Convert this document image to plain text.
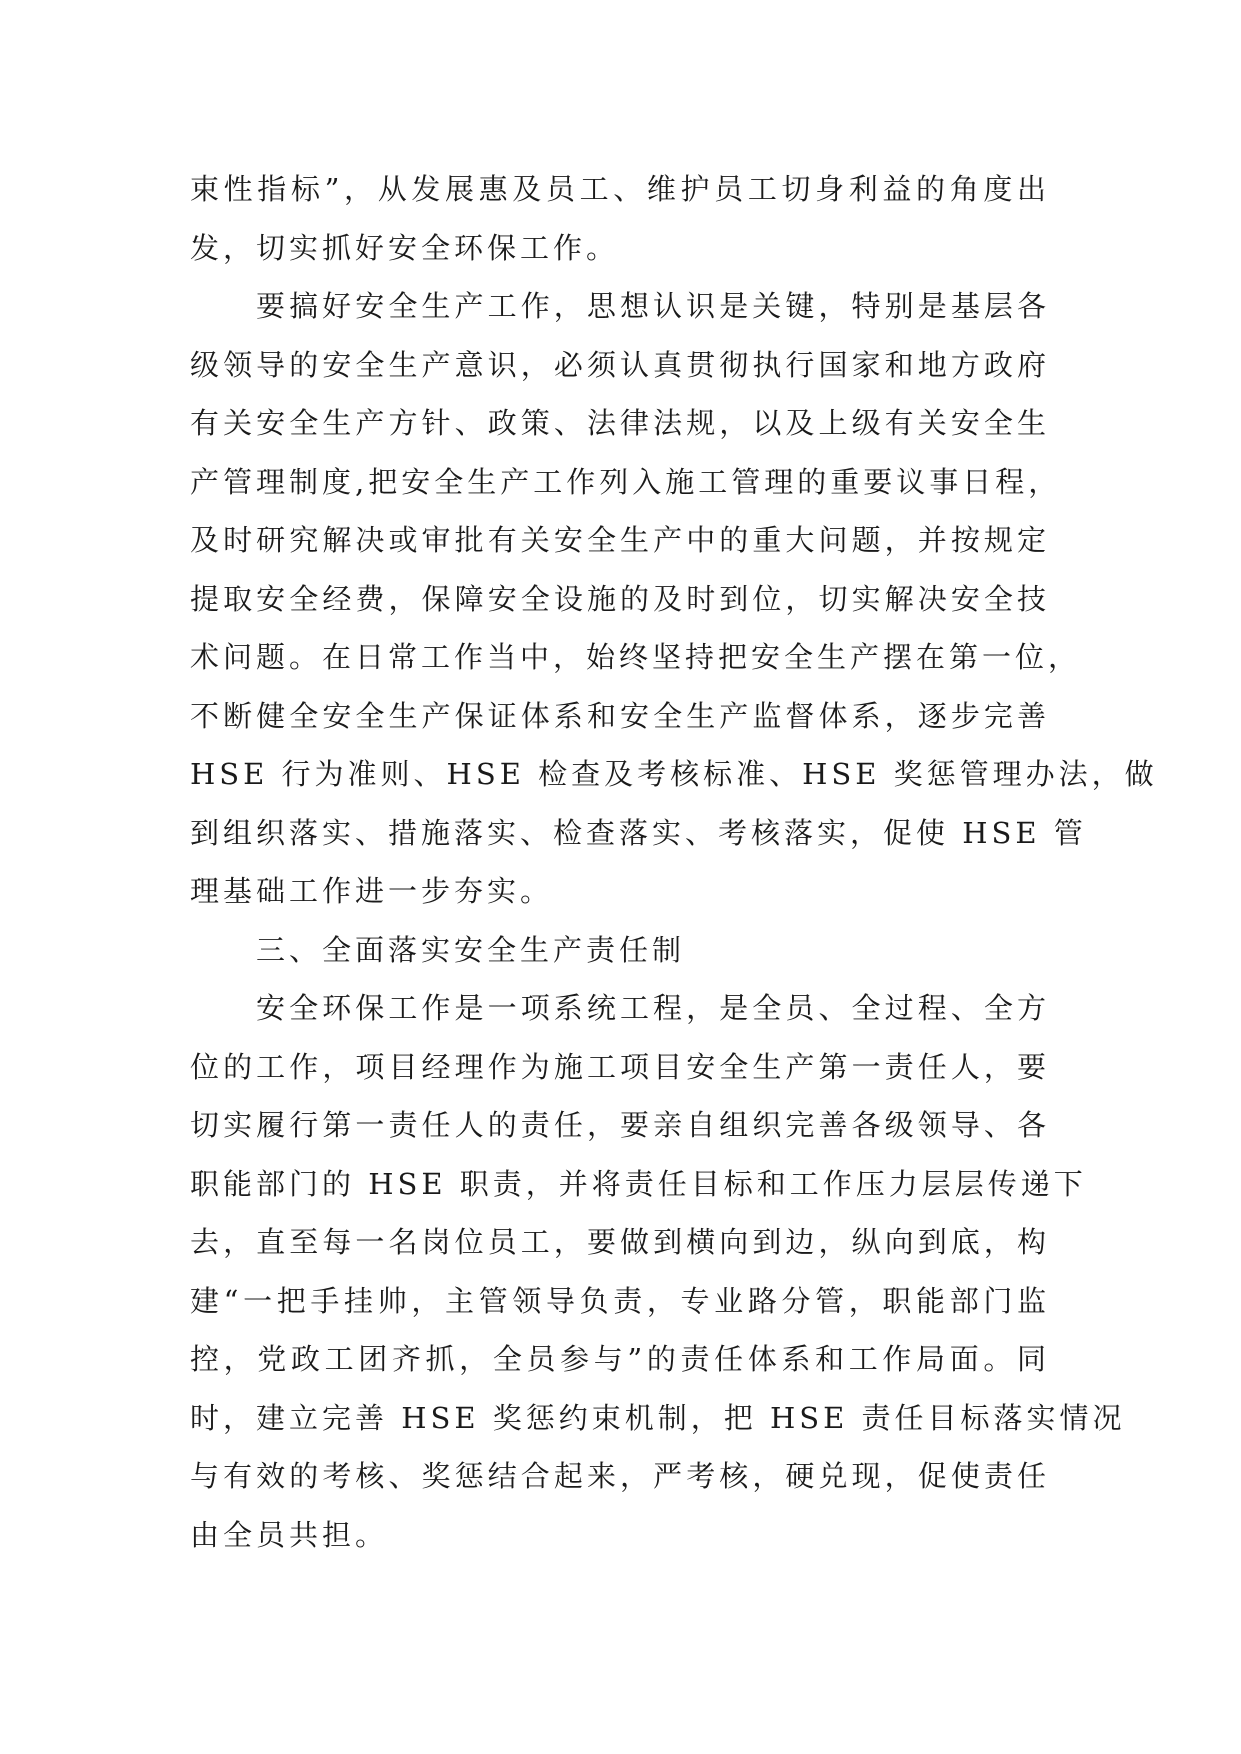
束性指标”，从发展惠及员工、维护员工切身利益的角度出
发，切实抓好安全环保工作。
要搞好安全生产工作，思想认识是关键，特别是基层各
级领导的安全生产意识，必须认真贯彻执行国家和地方政府
有关安全生产方针、政策、法律法规，以及上级有关安全生
产管理制度,把安全生产工作列入施工管理的重要议事日程，
及时研究解决或审批有关安全生产中的重大问题，并按规定
提取安全经费，保障安全设施的及时到位，切实解决安全技
术问题。在日常工作当中，始终坚持把安全生产摆在第一位，
不断健全安全生产保证体系和安全生产监督体系，逐步完善
HSE 行为准则、HSE 检查及考核标准、HSE 奖惩管理办法，做
到组织落实、措施落实、检查落实、考核落实，促使 HSE 管
理基础工作进一步夯实。
三、全面落实安全生产责任制
安全环保工作是一项系统工程，是全员、全过程、全方
位的工作，项目经理作为施工项目安全生产第一责任人，要
切实履行第一责任人的责任，要亲自组织完善各级领导、各
职能部门的 HSE 职责，并将责任目标和工作压力层层传递下
去，直至每一名岗位员工，要做到横向到边，纵向到底，构
建“一把手挂帅，主管领导负责，专业路分管，职能部门监
控，党政工团齐抓，全员参与”的责任体系和工作局面。同
时，建立完善 HSE 奖惩约束机制，把 HSE 责任目标落实情况
与有效的考核、奖惩结合起来，严考核，硬兑现，促使责任
由全员共担。
